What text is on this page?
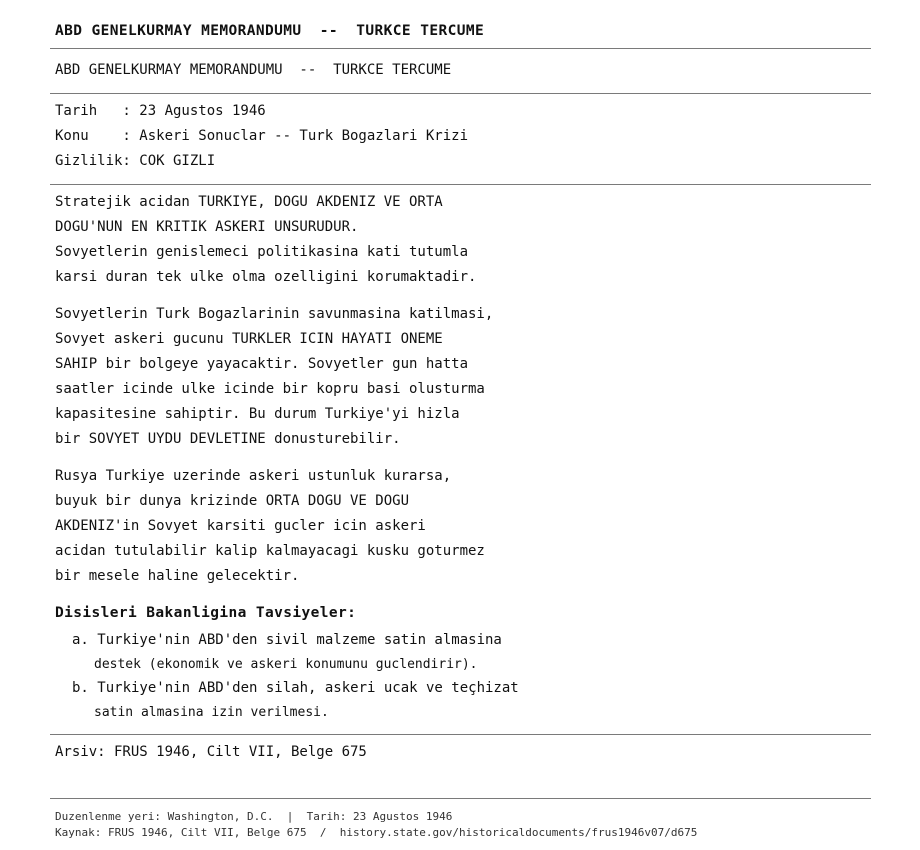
ABD GENELKURMAY MEMORANDUMU  --  TURKCE TERCUME
ABD GENELKURMAY MEMORANDUMU  --  TURKCE TERCUME
Tarih   : 23 Agustos 1946
Konu    : Askeri Sonuclar -- Turk Bogazlari Krizi
Gizlilik: COK GIZLI
Stratejik acidan TURKIYE, DOGU AKDENIZ VE ORTA
DOGU'NUN EN KRITIK ASKERI UNSURUDUR.
Sovyetlerin genislemeci politikasina kati tutumla
karsi duran tek ulke olma ozelligini korumaktadir.
Sovyetlerin Turk Bogazlarinin savunmasina katilmasi,
Sovyet askeri gucunu TURKLER ICIN HAYATI ONEME
SAHIP bir bolgeye yayacaktir. Sovyetler gun hatta
saatler icinde ulke icinde bir kopru basi olusturma
kapasitesine sahiptir. Bu durum Turkiye'yi hizla
bir SOVYET UYDU DEVLETINE donusturebilir.
Rusya Turkiye uzerinde askeri ustunluk kurarsa,
buyuk bir dunya krizinde ORTA DOGU VE DOGU
AKDENIZ'in Sovyet karsiti gucler icin askeri
acidan tutulabilir kalip kalmayacagi kusku goturmez
bir mesele haline gelecektir.
Disisleri Bakanligina Tavsiyeler:
a. Turkiye'nin ABD'den sivil malzeme satin almasina
destek (ekonomik ve askeri konumunu guclendirir).
b. Turkiye'nin ABD'den silah, askeri ucak ve teçhizat
satin almasina izin verilmesi.
Arsiv: FRUS 1946, Cilt VII, Belge 675
Duzenlenme yeri: Washington, D.C.  |  Tarih: 23 Agustos 1946
Kaynak: FRUS 1946, Cilt VII, Belge 675  /  history.state.gov/historicaldocuments/frus1946v07/d675
